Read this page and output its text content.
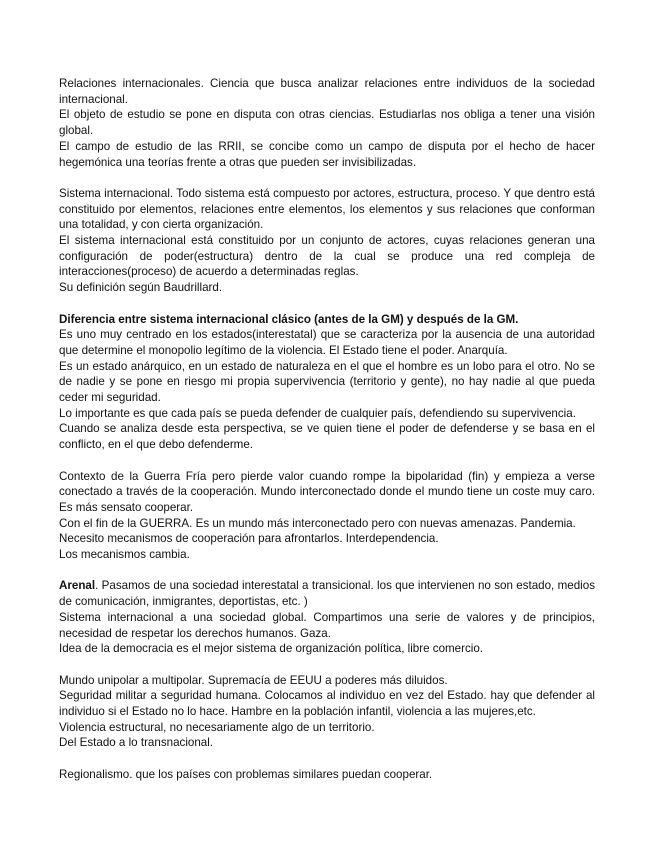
Relaciones internacionales. Ciencia que busca analizar relaciones entre individuos de la sociedad internacional.

El objeto de estudio se pone en disputa con otras ciencias. Estudiarlas nos obliga a tener una visión global.

El campo de estudio de las RRII, se concibe como un campo de disputa por el hecho de hacer hegemónica una teorías frente a otras que pueden ser invisibilizadas.

Sistema internacional. Todo sistema está compuesto por actores, estructura, proceso. Y que dentro está constituido por elementos, relaciones entre elementos, los elementos y sus relaciones que conforman una totalidad, y con cierta organización.

El sistema internacional está constituido por un conjunto de actores, cuyas relaciones generan una configuración de poder(estructura) dentro de la cual se produce una red compleja de interacciones(proceso) de acuerdo a determinadas reglas.

Su definición según Baudrillard.

Diferencia entre sistema internacional clásico (antes de la GM) y después de la GM.

Es uno muy centrado en los estados(interestatal) que se caracteriza por la ausencia de una autoridad que determine el monopolio legítimo de la violencia. El Estado tiene el poder. Anarquía.

Es un estado anárquico, en un estado de naturaleza en el que el hombre es un lobo para el otro. No se de nadie y se pone en riesgo mi propia supervivencia (territorio y gente), no hay nadie al que pueda ceder mi seguridad.

Lo importante es que cada país se pueda defender de cualquier país, defendiendo su supervivencia.

Cuando se analiza desde esta perspectiva, se ve quien tiene el poder de defenderse y se basa en el conflicto, en el que debo defenderme.

Contexto de la Guerra Fría pero pierde valor cuando rompe la bipolaridad (fin) y empieza a verse conectado a través de la cooperación. Mundo interconectado donde el mundo tiene un coste muy caro. Es más sensato cooperar.

Con el fin de la GUERRA. Es un mundo más interconectado pero con nuevas amenazas. Pandemia.

Necesito mecanismos de cooperación para afrontarlos. Interdependencia.

Los mecanismos cambia.

Arenal. Pasamos de una sociedad interestatal a transicional. los que intervienen no son estado, medios de comunicación, inmigrantes, deportistas, etc. )

Sistema internacional a una sociedad global. Compartimos una serie de valores y de principios, necesidad de respetar los derechos humanos. Gaza.

Idea de la democracia es el mejor sistema de organización política, libre comercio.

Mundo unipolar a multipolar. Supremacía de EEUU a poderes más diluidos.

Seguridad militar a seguridad humana. Colocamos al individuo en vez del Estado. hay que defender al individuo si el Estado no lo hace. Hambre en la población infantil, violencia a las mujeres,etc.

Violencia estructural, no necesariamente algo de un territorio.

Del Estado a lo transnacional.

Regionalismo. que los países con problemas similares puedan cooperar.
